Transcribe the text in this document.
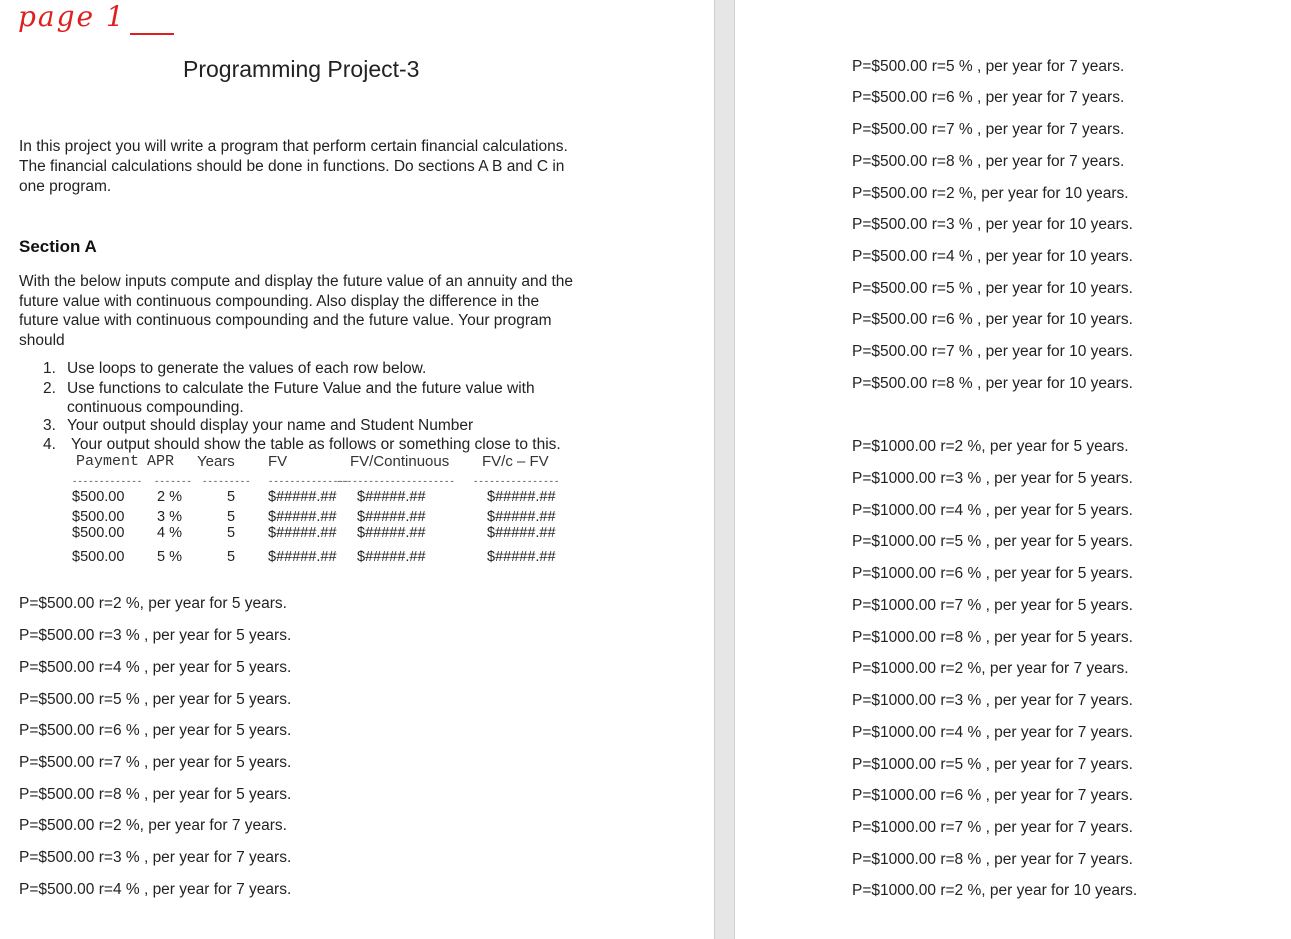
page 1
Programming Project-3
In this project you will write a program that perform certain financial calculations.
The financial calculations should be done in functions. Do sections A B and C in
one program.
Section A
With the below inputs compute and display the future value of an annuity and the
future value with continuous compounding. Also display the difference in the
future value with continuous compounding and the future value. Your program
should
1. Use loops to generate the values of each row below.
2. Use functions to calculate the Future Value and the future value with
continuous compounding.
3. Your output should display your name and Student Number
4. Your output should show the table as follows or something close to this.
Payment APR Years FV	FV/Continuous FV/c – FV
------------- ------- --------- ---------------
---------------------- ----------------
$500.00 2 %	5 $#####.## $#####.##	$#####.##
$500.00 3 %	5 $#####.## $#####.##	$#####.##
$500.00 4 %	5 $#####.## $#####.##	$#####.##
$500.00 5 %	5 $#####.## $#####.##	$#####.##
P=$500.00 r=2 %, per year for 5 years.
P=$500.00 r=3 % , per year for 5 years.
P=$500.00 r=4 % , per year for 5 years.
P=$500.00 r=5 % , per year for 5 years.
P=$500.00 r=6 % , per year for 5 years.
P=$500.00 r=7 % , per year for 5 years.
P=$500.00 r=8 % , per year for 5 years.
P=$500.00 r=2 %, per year for 7 years.
P=$500.00 r=3 % , per year for 7 years.
P=$500.00 r=4 % , per year for 7 years.
P=$500.00 r=5 % , per year for 7 years.
P=$500.00 r=6 % , per year for 7 years.
P=$500.00 r=7 % , per year for 7 years.
P=$500.00 r=8 % , per year for 7 years.
P=$500.00 r=2 %, per year for 10 years.
P=$500.00 r=3 % , per year for 10 years.
P=$500.00 r=4 % , per year for 10 years.
P=$500.00 r=5 % , per year for 10 years.
P=$500.00 r=6 % , per year for 10 years.
P=$500.00 r=7 % , per year for 10 years.
P=$500.00 r=8 % , per year for 10 years.
P=$1000.00 r=2 %, per year for 5 years.
P=$1000.00 r=3 % , per year for 5 years.
P=$1000.00 r=4 % , per year for 5 years.
P=$1000.00 r=5 % , per year for 5 years.
P=$1000.00 r=6 % , per year for 5 years.
P=$1000.00 r=7 % , per year for 5 years.
P=$1000.00 r=8 % , per year for 5 years.
P=$1000.00 r=2 %, per year for 7 years.
P=$1000.00 r=3 % , per year for 7 years.
P=$1000.00 r=4 % , per year for 7 years.
P=$1000.00 r=5 % , per year for 7 years.
P=$1000.00 r=6 % , per year for 7 years.
P=$1000.00 r=7 % , per year for 7 years.
P=$1000.00 r=8 % , per year for 7 years.
P=$1000.00 r=2 %, per year for 10 years.
